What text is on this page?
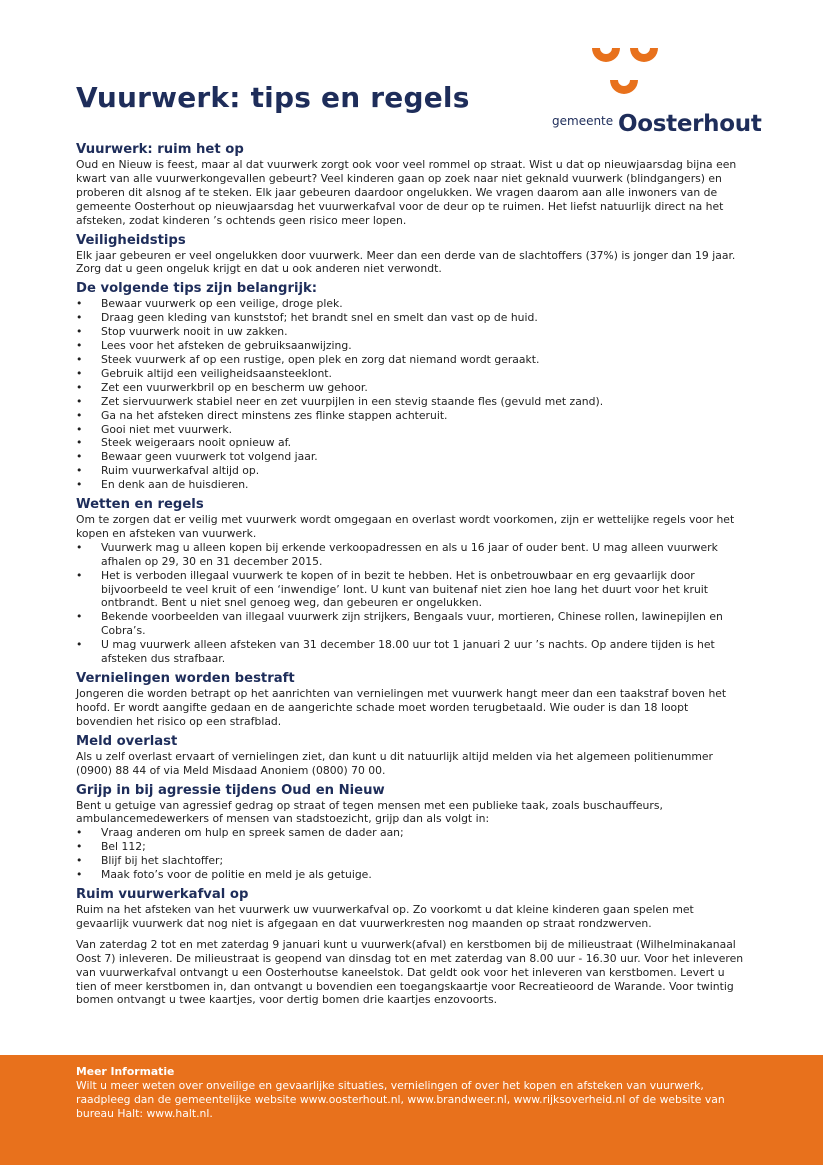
gemeente Oosterhout
Vuurwerk: tips en regels
Vuurwerk: ruim het op

Oud en Nieuw is feest, maar al dat vuurwerk zorgt ook voor veel rommel op straat. Wist u dat op nieuwjaarsdag bijna een kwart van alle vuurwerkongevallen gebeurt? Veel kinderen gaan op zoek naar niet geknald vuurwerk (blindgangers) en proberen dit alsnog af te steken. Elk jaar gebeuren daardoor ongelukken. We vragen daarom aan alle inwoners van de gemeente Oosterhout op nieuwjaarsdag het vuurwerkafval voor de deur op te ruimen. Het liefst natuurlijk direct na het afsteken, zodat kinderen ’s ochtends geen risico meer lopen.

Veiligheidstips

Elk jaar gebeuren er veel ongelukken door vuurwerk. Meer dan een derde van de slachtoffers (37%) is jonger dan 19 jaar. Zorg dat u geen ongeluk krijgt en dat u ook anderen niet verwondt.

De volgende tips zijn belangrijk:
• Bewaar vuurwerk op een veilige, droge plek.
• Draag geen kleding van kunststof; het brandt snel en smelt dan vast op de huid.
• Stop vuurwerk nooit in uw zakken.
• Lees voor het afsteken de gebruiksaanwijzing.
• Steek vuurwerk af op een rustige, open plek en zorg dat niemand wordt geraakt.
• Gebruik altijd een veiligheidsaansteeklont.
• Zet een vuurwerkbril op en bescherm uw gehoor.
• Zet siervuurwerk stabiel neer en zet vuurpijlen in een stevig staande fles (gevuld met zand).
• Ga na het afsteken direct minstens zes flinke stappen achteruit.
• Gooi niet met vuurwerk.
• Steek weigeraars nooit opnieuw af.
• Bewaar geen vuurwerk tot volgend jaar.
• Ruim vuurwerkafval altijd op.
• En denk aan de huisdieren.
Wetten en regels

Om te zorgen dat er veilig met vuurwerk wordt omgegaan en overlast wordt voorkomen, zijn er wettelijke regels voor het kopen en afsteken van vuurwerk.

• Vuurwerk mag u alleen kopen bij erkende verkoopadressen en als u 16 jaar of ouder bent. U mag alleen vuurwerk afhalen op 29, 30 en 31 december 2015.
• Het is verboden illegaal vuurwerk te kopen of in bezit te hebben. Het is onbetrouwbaar en erg gevaarlijk door bijvoorbeeld te veel kruit of een ‘inwendige’ lont. U kunt van buitenaf niet zien hoe lang het duurt voor het kruit ontbrandt. Bent u niet snel genoeg weg, dan gebeuren er ongelukken.
• Bekende voorbeelden van illegaal vuurwerk zijn strijkers, Bengaals vuur, mortieren, Chinese rollen, lawinepijlen en Cobra’s.
• U mag vuurwerk alleen afsteken van 31 december 18.00 uur tot 1 januari 2 uur ’s nachts. Op andere tijden is het afsteken dus strafbaar.
Vernielingen worden bestraft

Jongeren die worden betrapt op het aanrichten van vernielingen met vuurwerk hangt meer dan een taakstraf boven het hoofd. Er wordt aangifte gedaan en de aangerichte schade moet worden terugbetaald. Wie ouder is dan 18 loopt bovendien het risico op een strafblad.

Meld overlast

Als u zelf overlast ervaart of vernielingen ziet, dan kunt u dit natuurlijk altijd melden via het algemeen politienummer (0900) 88 44 of via Meld Misdaad Anoniem (0800) 70 00.

Grijp in bij agressie tijdens Oud en Nieuw

Bent u getuige van agressief gedrag op straat of tegen mensen met een publieke taak, zoals buschauffeurs, ambulancemedewerkers of mensen van stadstoezicht, grijp dan als volgt in:

• Vraag anderen om hulp en spreek samen de dader aan;
• Bel 112;
• Blijf bij het slachtoffer;
• Maak foto’s voor de politie en meld je als getuige.
Ruim vuurwerkafval op

Ruim na het afsteken van het vuurwerk uw vuurwerkafval op. Zo voorkomt u dat kleine kinderen gaan spelen met gevaarlijk vuurwerk dat nog niet is afgegaan en dat vuurwerkresten nog maanden op straat rondzwerven.

Van zaterdag 2 tot en met zaterdag 9 januari kunt u vuurwerk(afval) en kerstbomen bij de milieustraat (Wilhelminakanaal Oost 7) inleveren. De milieustraat is geopend van dinsdag tot en met zaterdag van 8.00 uur - 16.30 uur. Voor het inleveren van vuurwerkafval ontvangt u een Oosterhoutse kaneelstok. Dat geldt ook voor het inleveren van kerstbomen. Levert u tien of meer kerstbomen in, dan ontvangt u bovendien een toegangskaartje voor Recreatieoord de Warande. Voor twintig bomen ontvangt u twee kaartjes, voor dertig bomen drie kaartjes enzovoorts.

Meer Informatie
Wilt u meer weten over onveilige en gevaarlijke situaties, vernielingen of over het kopen en afsteken van vuurwerk, raadpleeg dan de gemeentelijke website www.oosterhout.nl, www.brandweer.nl, www.rijksoverheid.nl of de website van bureau Halt: www.halt.nl.
